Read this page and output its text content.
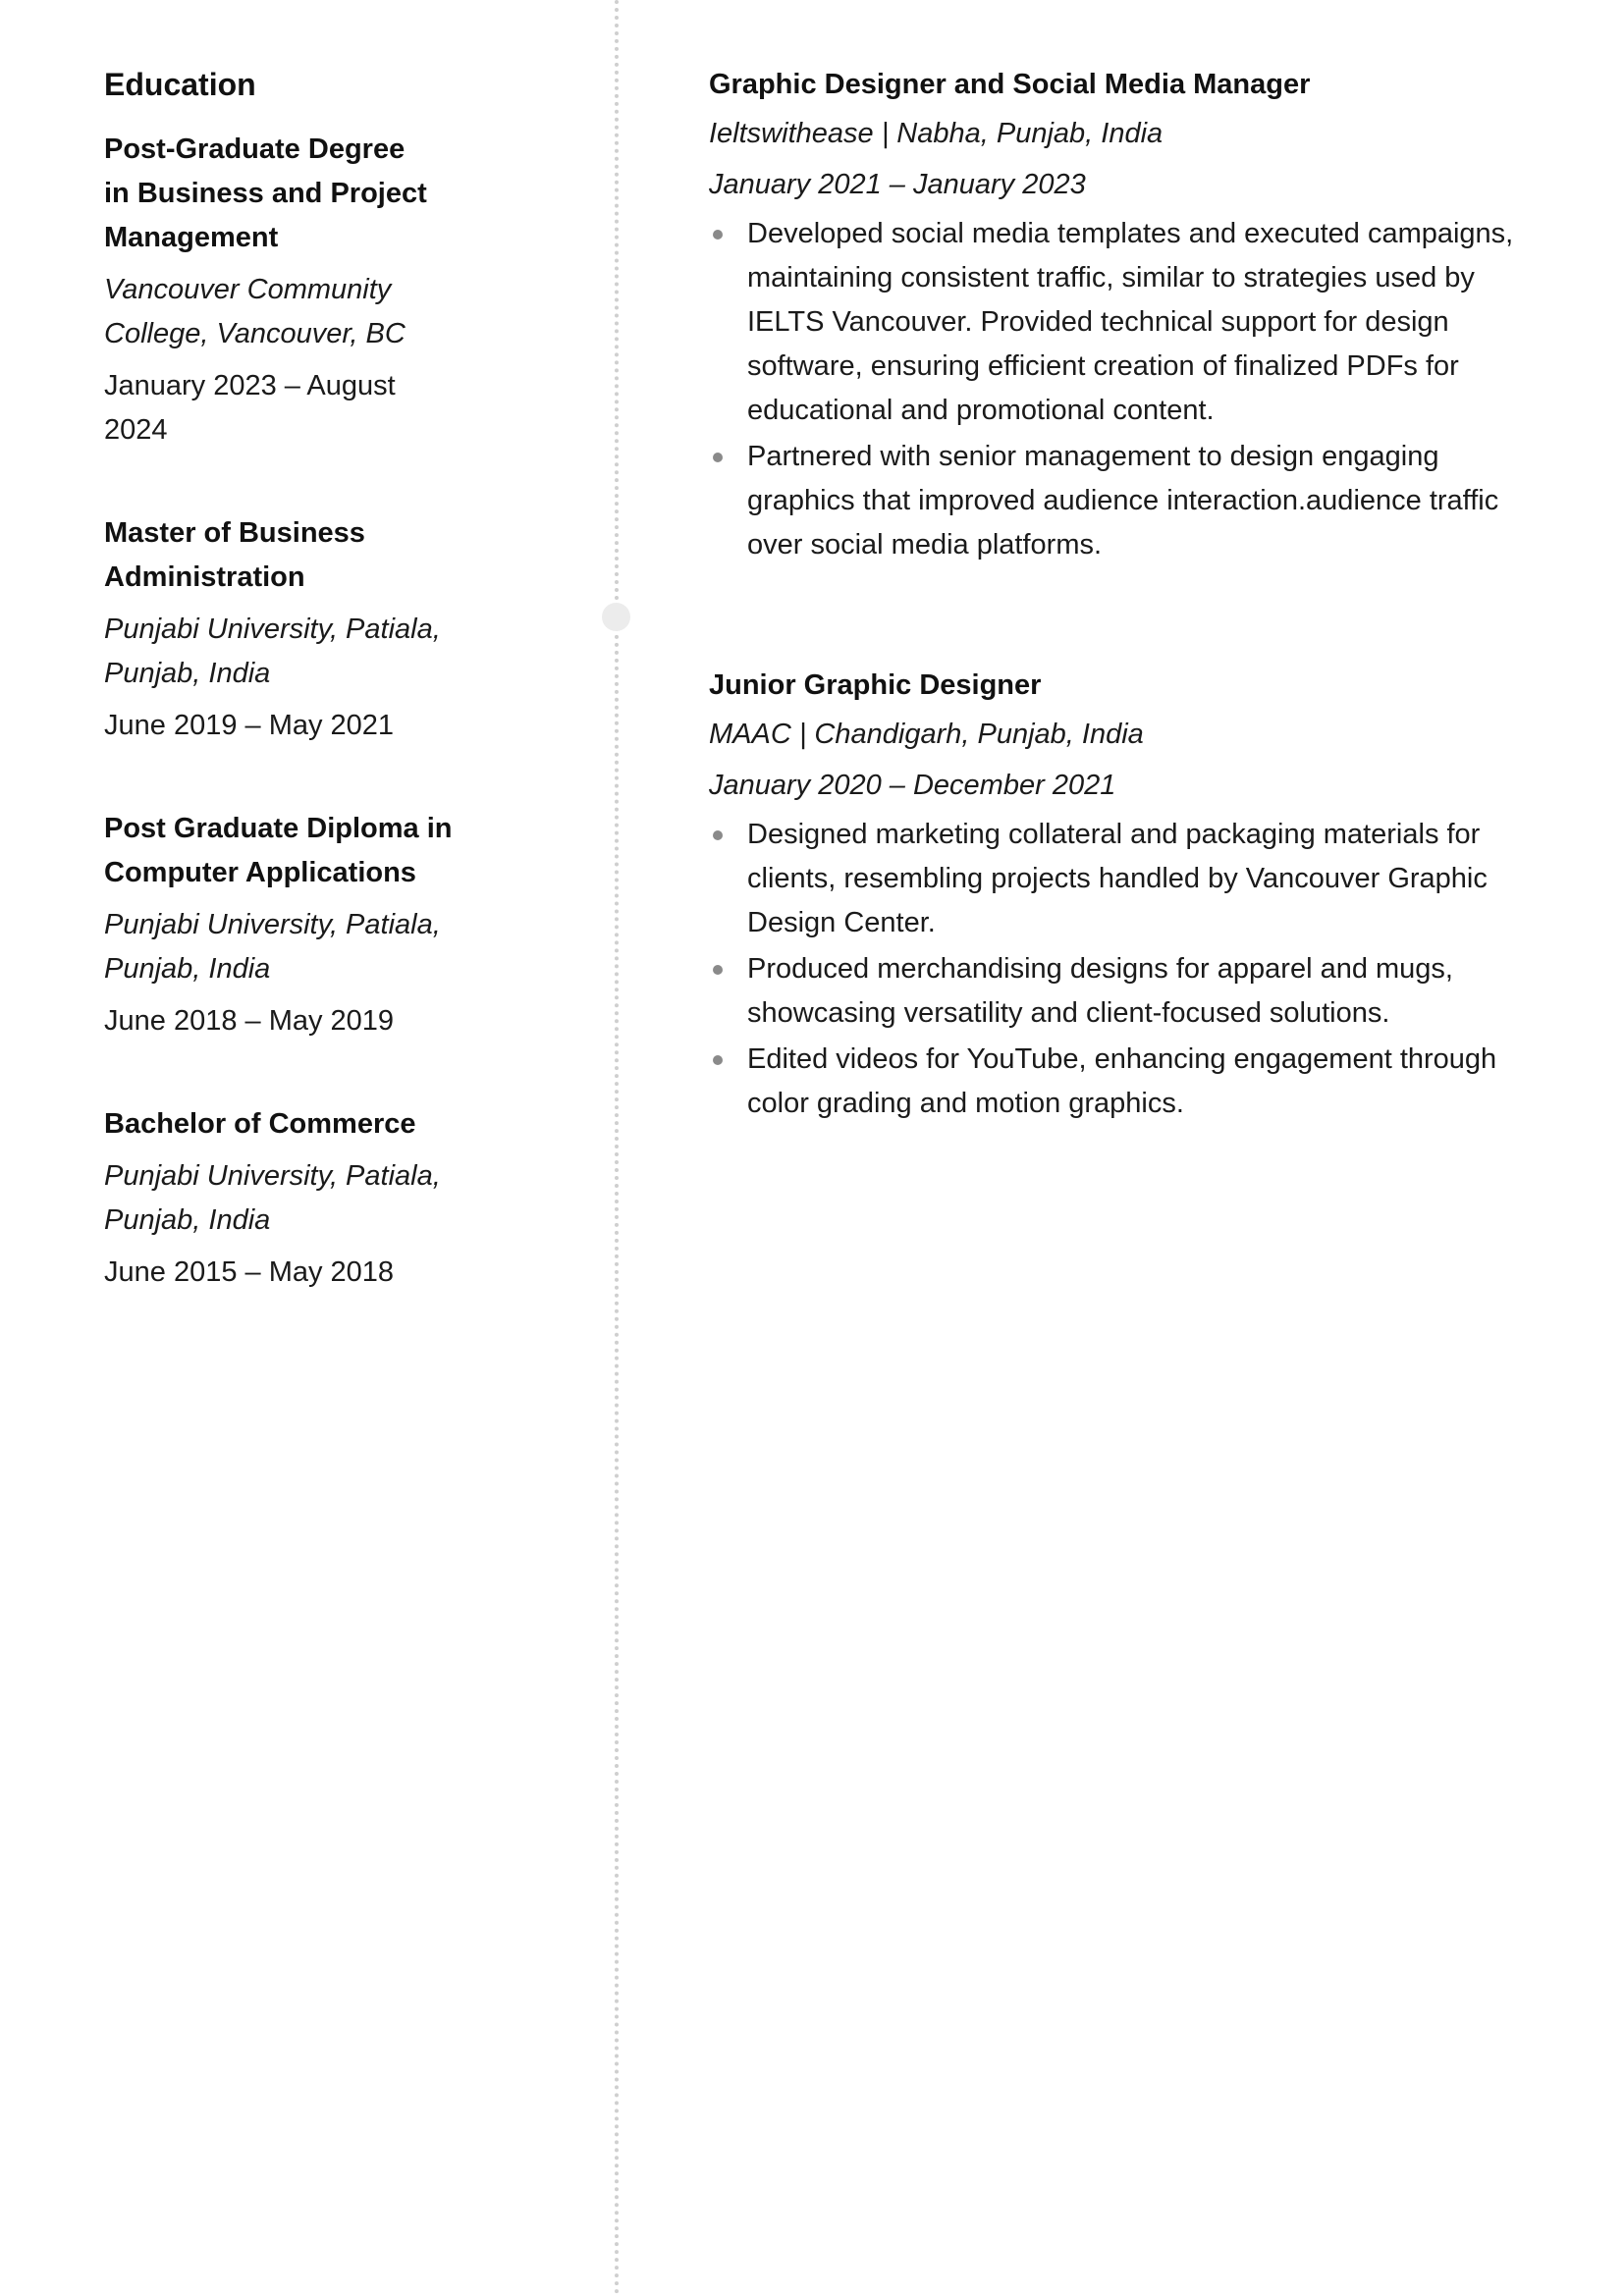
Education

Post-Graduate Degree in Business and Project Management

Vancouver Community College, Vancouver, BC

January 2023 – August 2024

Master of Business Administration

Punjabi University, Patiala, Punjab, India

June 2019 – May 2021

Post Graduate Diploma in Computer Applications

Punjabi University, Patiala, Punjab, India

June 2018 – May 2019

Bachelor of Commerce

Punjabi University, Patiala, Punjab, India

June 2015 – May 2018

Graphic Designer and Social Media Manager

Ieltswithease | Nabha, Punjab, India

January 2021 – January 2023

Developed social media templates and executed campaigns, maintaining consistent traffic, similar to strategies used by IELTS Vancouver. Provided technical support for design software, ensuring efficient creation of finalized PDFs for educational and promotional content.
Partnered with senior management to design engaging graphics that improved audience interaction.audience traffic over social media platforms.

Junior Graphic Designer

MAAC | Chandigarh, Punjab, India

January 2020 – December 2021

Designed marketing collateral and packaging materials for clients, resembling projects handled by Vancouver Graphic Design Center.
Produced merchandising designs for apparel and mugs, showcasing versatility and client-focused solutions.
Edited videos for YouTube, enhancing engagement through color grading and motion graphics.
